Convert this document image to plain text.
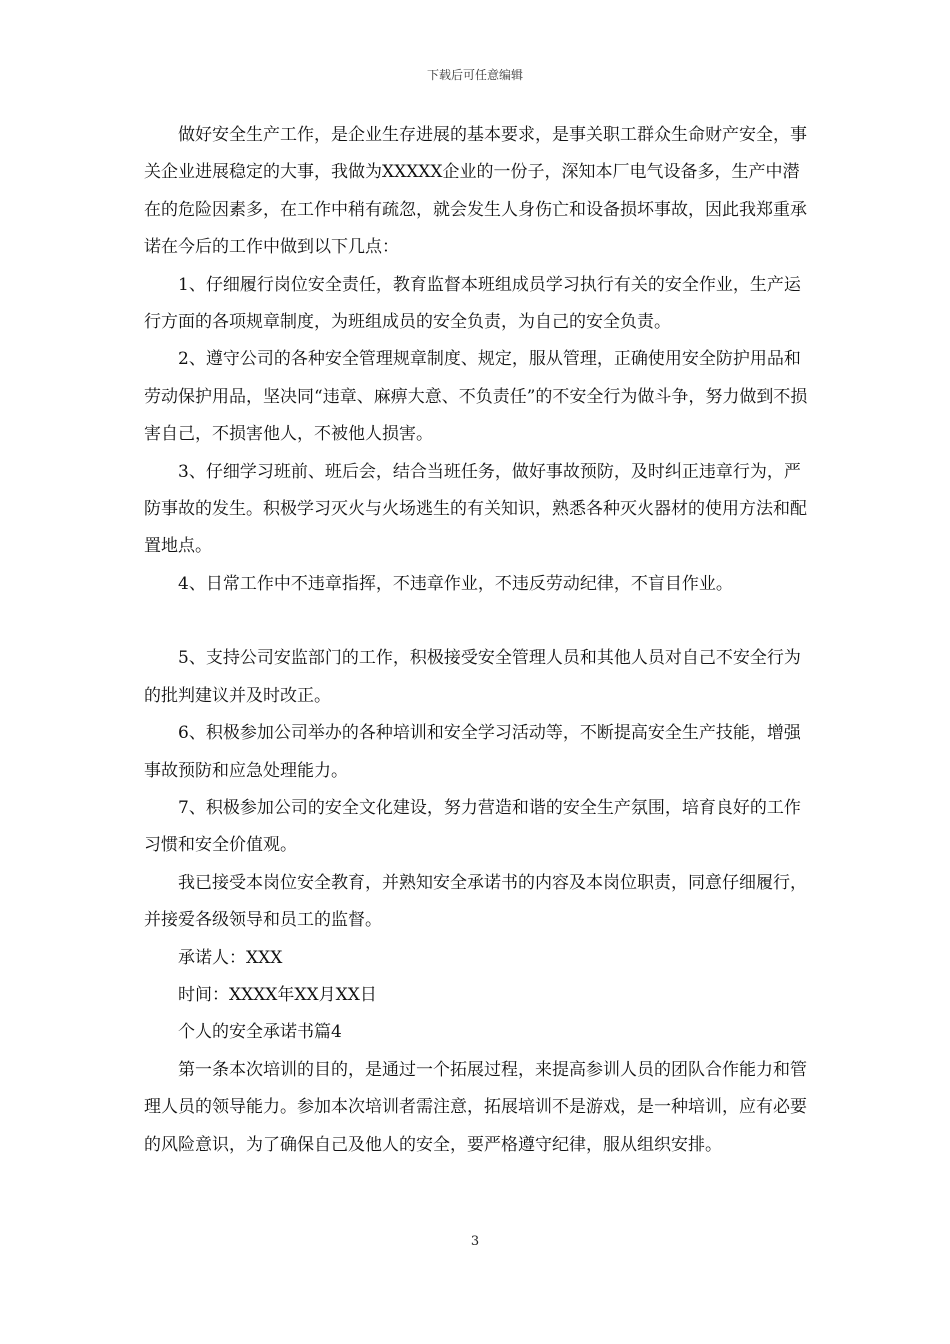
下载后可任意编辑

做好安全生产工作，是企业生存进展的基本要求，是事关职工群众生命财产安全，事关企业进展稳定的大事，我做为XXXXX企业的一份子，深知本厂电气设备多，生产中潜在的危险因素多，在工作中稍有疏忽，就会发生人身伤亡和设备损坏事故，因此我郑重承诺在今后的工作中做到以下几点：

1、仔细履行岗位安全责任，教育监督本班组成员学习执行有关的安全作业，生产运行方面的各项规章制度，为班组成员的安全负责，为自己的安全负责。

2、遵守公司的各种安全管理规章制度、规定，服从管理，正确使用安全防护用品和劳动保护用品，坚决同“违章、麻痹大意、不负责任”的不安全行为做斗争，努力做到不损害自己，不损害他人，不被他人损害。

3、仔细学习班前、班后会，结合当班任务，做好事故预防，及时纠正违章行为，严防事故的发生。积极学习灭火与火场逃生的有关知识，熟悉各种灭火器材的使用方法和配置地点。

4、日常工作中不违章指挥，不违章作业，不违反劳动纪律，不盲目作业。

5、支持公司安监部门的工作，积极接受安全管理人员和其他人员对自己不安全行为的批判建议并及时改正。

6、积极参加公司举办的各种培训和安全学习活动等，不断提高安全生产技能，增强事故预防和应急处理能力。

7、积极参加公司的安全文化建设，努力营造和谐的安全生产氛围，培育良好的工作习惯和安全价值观。

我已接受本岗位安全教育，并熟知安全承诺书的内容及本岗位职责，同意仔细履行，并接爱各级领导和员工的监督。

承诺人：XXX

时间：XXXX年XX月XX日

个人的安全承诺书篇4

第一条本次培训的目的，是通过一个拓展过程，来提高参训人员的团队合作能力和管理人员的领导能力。参加本次培训者需注意，拓展培训不是游戏，是一种培训，应有必要的风险意识，为了确保自己及他人的安全，要严格遵守纪律，服从组织安排。

3
